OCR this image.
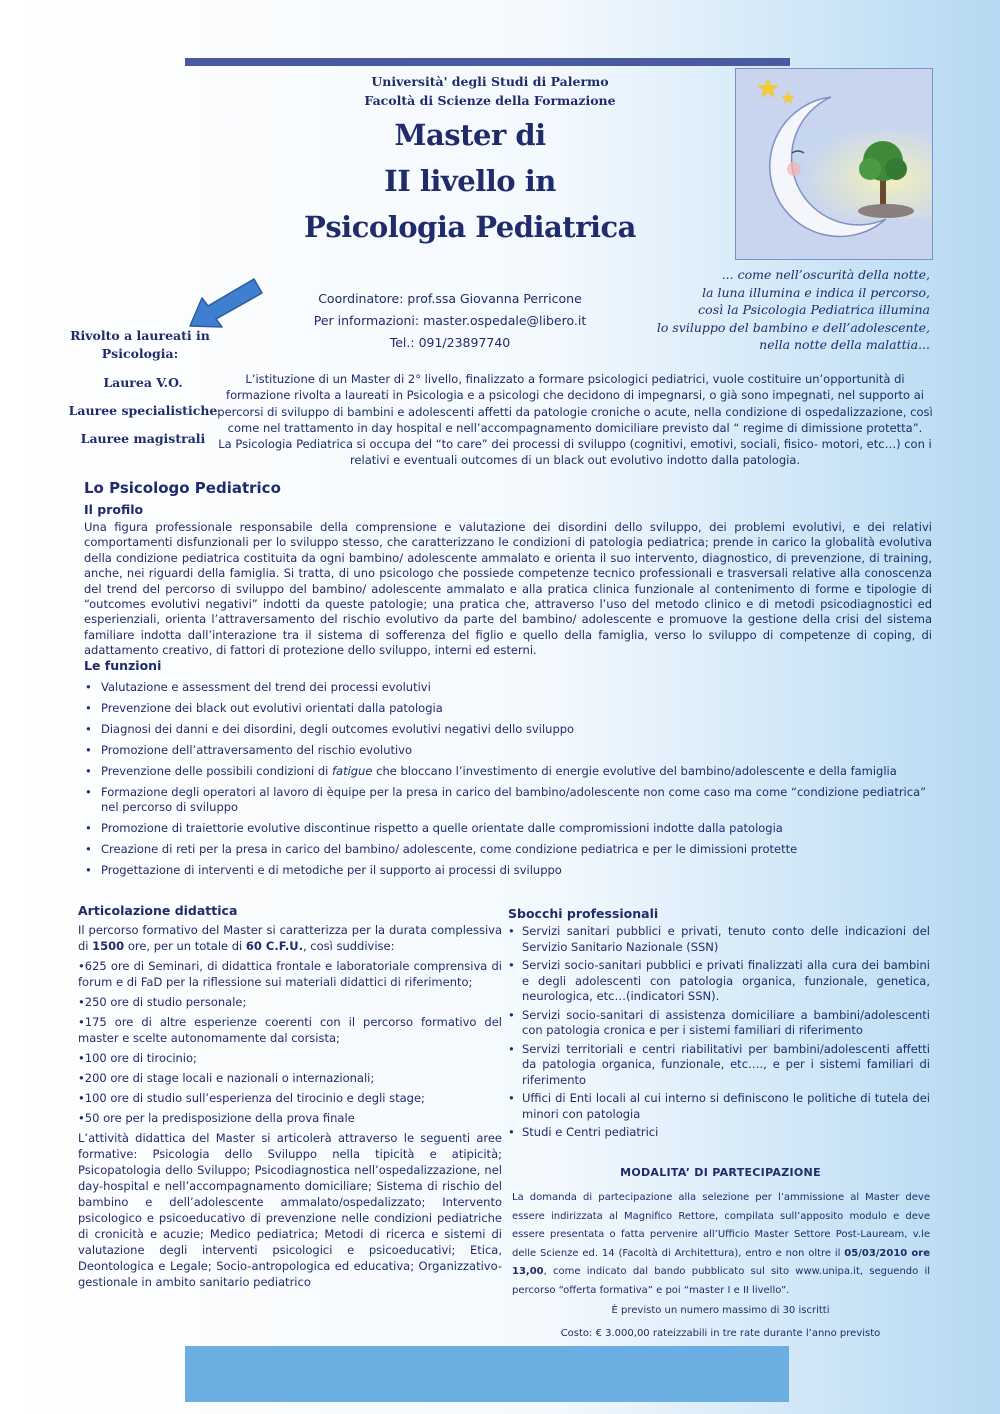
Università' degli Studi di Palermo
Facoltà di Scienze della Formazione
Master di
II livello in
Psicologia Pediatrica
... come nell’oscurità della notte,
la luna illumina e indica il percorso,
così la Psicologia Pediatrica illumina
lo sviluppo del bambino e dell’adolescente,
nella notte della malattia...
Rivolto a laureati in
Psicologia:
Laurea V.O.
Lauree specialistiche
Lauree magistrali
Coordinatore: prof.ssa Giovanna Perricone
Per informazioni: master.ospedale@libero.it
Tel.: 091/23897740
L’istituzione di un Master di 2° livello, finalizzato a formare psicologici pediatrici, vuole costituire un’opportunità di formazione rivolta a laureati in Psicologia e a psicologi che decidono di impegnarsi, o già sono impegnati, nel supporto ai percorsi di sviluppo di bambini e adolescenti affetti da patologie croniche o acute, nella condizione di ospedalizzazione, così come nel trattamento in day hospital e nell’accompagnamento domiciliare previsto dal “ regime di dimissione protetta”.
La Psicologia Pediatrica si occupa del “to care” dei processi di sviluppo (cognitivi, emotivi, sociali, fisico- motori, etc…) con i relativi e eventuali outcomes di un black out evolutivo indotto dalla patologia.
Lo Psicologo Pediatrico
Il profilo
Una figura professionale responsabile della comprensione e valutazione dei disordini dello sviluppo, dei problemi evolutivi, e dei relativi comportamenti disfunzionali per lo sviluppo stesso, che caratterizzano le condizioni di patologia pediatrica; prende in carico la globalità evolutiva della condizione pediatrica costituita da ogni bambino/ adolescente ammalato e orienta il suo intervento, diagnostico, di prevenzione, di training, anche, nei riguardi della famiglia. Si tratta, di uno psicologo che possiede competenze tecnico professionali e trasversali relative alla conoscenza del trend del percorso di sviluppo del bambino/ adolescente ammalato e alla pratica clinica funzionale al contenimento di forme e tipologie di “outcomes evolutivi negativi” indotti da queste patologie; una pratica che, attraverso l’uso del metodo clinico e di metodi psicodiagnostici ed esperienziali, orienta l’attraversamento del rischio evolutivo da parte del bambino/ adolescente e promuove la gestione della crisi del sistema familiare indotta dall’interazione tra il sistema di sofferenza del figlio e quello della famiglia, verso lo sviluppo di competenze di coping, di adattamento creativo, di fattori di protezione dello sviluppo, interni ed esterni.
Le funzioni
• Valutazione e assessment del trend dei processi evolutivi
• Prevenzione dei black out evolutivi orientati dalla patologia
• Diagnosi dei danni e dei disordini, degli outcomes evolutivi negativi dello sviluppo
• Promozione dell’attraversamento del rischio evolutivo
• Prevenzione delle possibili condizioni di fatigue che bloccano l’investimento di energie evolutive del bambino/adolescente e della famiglia
• Formazione degli operatori al lavoro di èquipe per la presa in carico del bambino/adolescente non come caso ma come “condizione pediatrica” nel percorso di sviluppo
• Promozione di traiettorie evolutive discontinue rispetto a quelle orientate dalle compromissioni indotte dalla patologia
• Creazione di reti per la presa in carico del bambino/ adolescente, come condizione pediatrica e per le dimissioni protette
• Progettazione di interventi e di metodiche per il supporto ai processi di sviluppo
Articolazione didattica

Il percorso formativo del Master si caratterizza per la durata complessiva di 1500 ore, per un totale di 60 C.F.U., così suddivise:

•625 ore di Seminari, di didattica frontale e laboratoriale comprensiva di forum e di FaD per la riflessione sui materiali didattici di riferimento;

•250 ore di studio personale;

•175 ore di altre esperienze coerenti con il percorso formativo del master e scelte autonomamente dal corsista;

•100 ore di tirocinio;

•200 ore di stage locali e nazionali o internazionali;

•100 ore di studio sull’esperienza del tirocinio e degli stage;

•50 ore per la predisposizione della prova finale

L’attività didattica del Master si articolerà attraverso le seguenti aree formative: Psicologia dello Sviluppo nella tipicità e atipicità; Psicopatologia dello Sviluppo; Psicodiagnostica nell’ospedalizzazione, nel day-hospital e nell’accompagnamento domiciliare; Sistema di rischio del bambino e dell’adolescente ammalato/ospedalizzato; Intervento psicologico e psicoeducativo di prevenzione nelle condizioni pediatriche di cronicità e acuzie; Medico pediatrica; Metodi di ricerca e sistemi di valutazione degli interventi psicologici e psicoeducativi; Etica, Deontologica e Legale; Socio-antropologica ed educativa; Organizzativo-gestionale in ambito sanitario pediatrico

Sbocchi professionali
• Servizi sanitari pubblici e privati, tenuto conto delle indicazioni del Servizio Sanitario Nazionale (SSN)
• Servizi socio-sanitari pubblici e privati finalizzati alla cura dei bambini e degli adolescenti con patologia organica, funzionale, genetica, neurologica, etc…(indicatori SSN).
• Servizi socio-sanitari di assistenza domiciliare a bambini/adolescenti con patologia cronica e per i sistemi familiari di riferimento
• Servizi territoriali e centri riabilitativi per bambini/adolescenti affetti da patologia organica, funzionale, etc…., e per i sistemi familiari di riferimento
• Uffici di Enti locali al cui interno si definiscono le politiche di tutela dei minori con patologia
• Studi e Centri pediatrici
MODALITA’ DI PARTECIPAZIONE
La domanda di partecipazione alla selezione per l’ammissione al Master deve essere indirizzata al Magnifico Rettore, compilata sull’apposito modulo e deve essere presentata o fatta pervenire all’Ufficio Master Settore Post-Lauream, v.le delle Scienze ed. 14 (Facoltà di Architettura), entro e non oltre il 05/03/2010 ore 13,00, come indicato dal bando pubblicato sul sito www.unipa.it, seguendo il percorso “offerta formativa” e poi “master I e II livello”.
È previsto un numero massimo di 30 iscritti
Costo: € 3.000,00 rateizzabili in tre rate durante l’anno previsto
